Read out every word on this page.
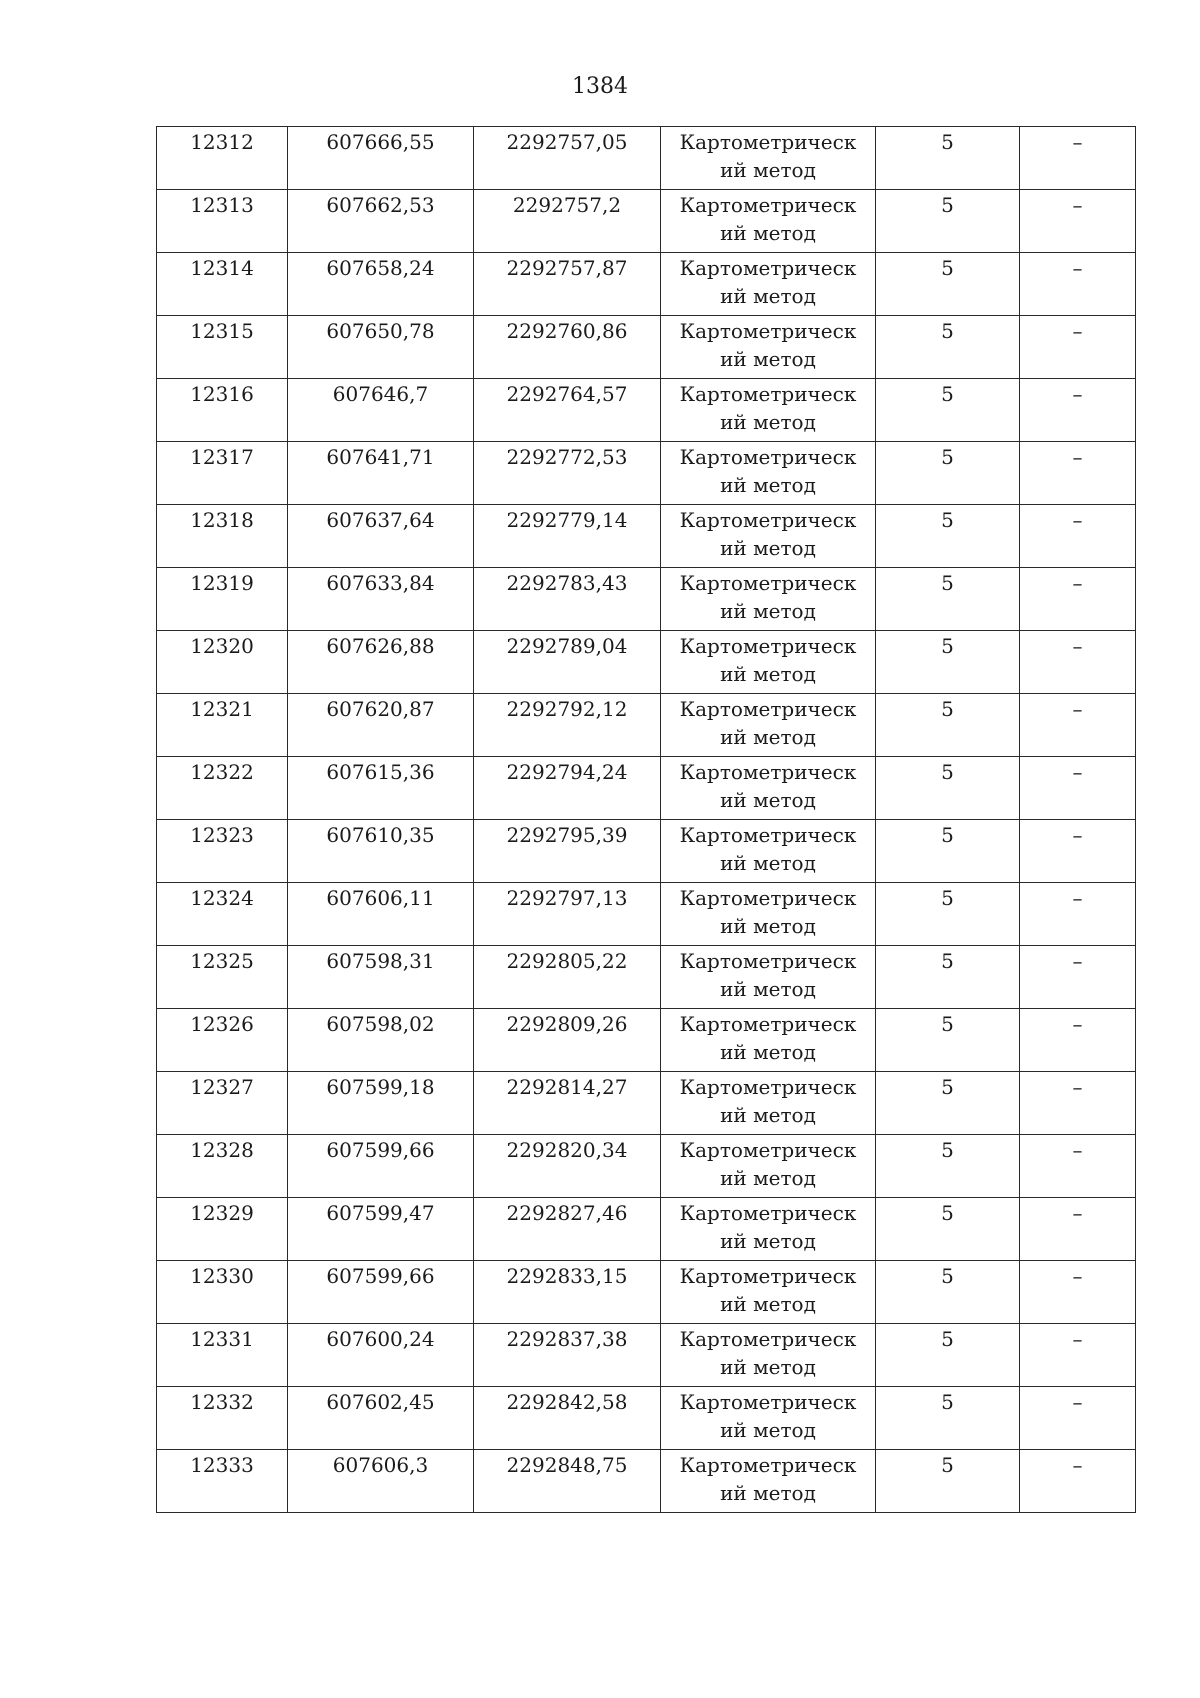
1384
12312	607666,55	2292757,05	Картометрический метод	5	–
12313	607662,53	2292757,2	Картометрический метод	5	–
12314	607658,24	2292757,87	Картометрический метод	5	–
12315	607650,78	2292760,86	Картометрический метод	5	–
12316	607646,7	2292764,57	Картометрический метод	5	–
12317	607641,71	2292772,53	Картометрический метод	5	–
12318	607637,64	2292779,14	Картометрический метод	5	–
12319	607633,84	2292783,43	Картометрический метод	5	–
12320	607626,88	2292789,04	Картометрический метод	5	–
12321	607620,87	2292792,12	Картометрический метод	5	–
12322	607615,36	2292794,24	Картометрический метод	5	–
12323	607610,35	2292795,39	Картометрический метод	5	–
12324	607606,11	2292797,13	Картометрический метод	5	–
12325	607598,31	2292805,22	Картометрический метод	5	–
12326	607598,02	2292809,26	Картометрический метод	5	–
12327	607599,18	2292814,27	Картометрический метод	5	–
12328	607599,66	2292820,34	Картометрический метод	5	–
12329	607599,47	2292827,46	Картометрический метод	5	–
12330	607599,66	2292833,15	Картометрический метод	5	–
12331	607600,24	2292837,38	Картометрический метод	5	–
12332	607602,45	2292842,58	Картометрический метод	5	–
12333	607606,3	2292848,75	Картометрический метод	5	–
